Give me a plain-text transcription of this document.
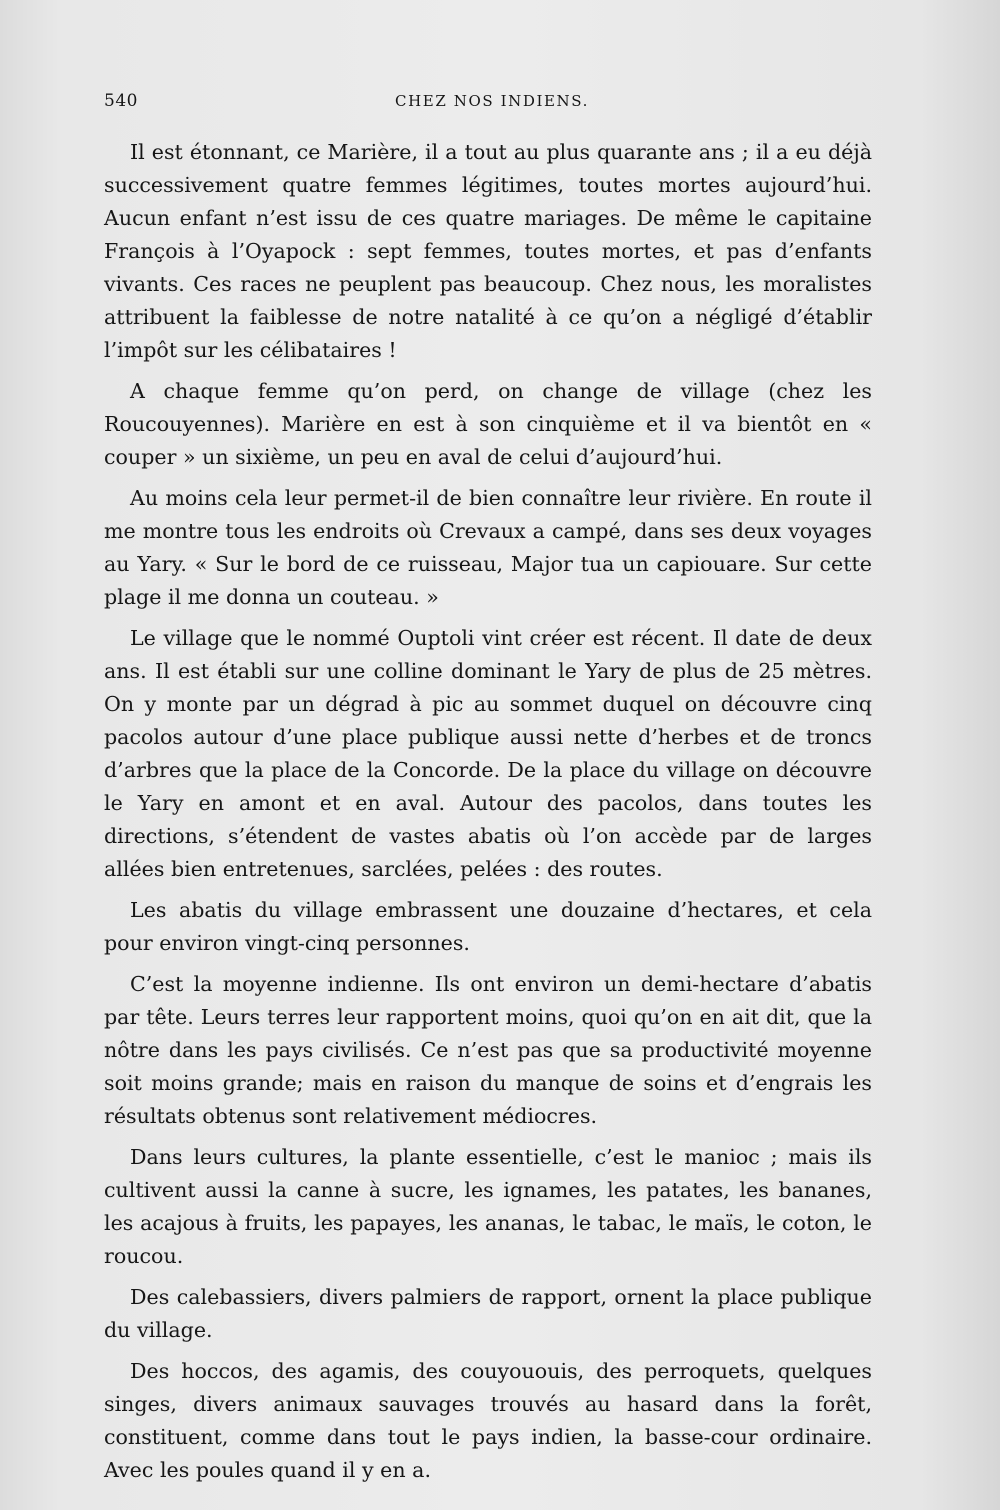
540	CHEZ NOS INDIENS.

Il est étonnant, ce Marière, il a tout au plus quarante ans ; il a eu déjà successivement quatre femmes légitimes, toutes mortes aujourd’hui. Aucun enfant n’est issu de ces quatre mariages. De même le capitaine François à l’Oyapock : sept femmes, toutes mortes, et pas d’enfants vivants. Ces races ne peuplent pas beaucoup. Chez nous, les moralistes attribuent la faiblesse de notre natalité à ce qu’on a négligé d’établir l’impôt sur les célibataires !

A chaque femme qu’on perd, on change de village (chez les Roucouyennes). Marière en est à son cinquième et il va bientôt en « couper » un sixième, un peu en aval de celui d’aujourd’hui.

Au moins cela leur permet-il de bien connaître leur rivière. En route il me montre tous les endroits où Crevaux a campé, dans ses deux voyages au Yary. « Sur le bord de ce ruisseau, Major tua un capiouare. Sur cette plage il me donna un couteau. »

Le village que le nommé Ouptoli vint créer est récent. Il date de deux ans. Il est établi sur une colline dominant le Yary de plus de 25 mètres. On y monte par un dégrad à pic au sommet duquel on découvre cinq pacolos autour d’une place publique aussi nette d’herbes et de troncs d’arbres que la place de la Concorde. De la place du village on découvre le Yary en amont et en aval. Autour des pacolos, dans toutes les directions, s’étendent de vastes abatis où l’on accède par de larges allées bien entretenues, sarclées, pelées : des routes.

Les abatis du village embrassent une douzaine d’hectares, et cela pour environ vingt-cinq personnes.

C’est la moyenne indienne. Ils ont environ un demi-hectare d’abatis par tête. Leurs terres leur rapportent moins, quoi qu’on en ait dit, que la nôtre dans les pays civilisés. Ce n’est pas que sa productivité moyenne soit moins grande; mais en raison du manque de soins et d’engrais les résultats obtenus sont relativement médiocres.

Dans leurs cultures, la plante essentielle, c’est le manioc ; mais ils cultivent aussi la canne à sucre, les ignames, les patates, les bananes, les acajous à fruits, les papayes, les ananas, le tabac, le maïs, le coton, le roucou.

Des calebassiers, divers palmiers de rapport, ornent la place publique du village.

Des hoccos, des agamis, des couyououis, des perroquets, quelques singes, divers animaux sauvages trouvés au hasard dans la forêt, constituent, comme dans tout le pays indien, la basse-cour ordinaire. Avec les poules quand il y en a.
